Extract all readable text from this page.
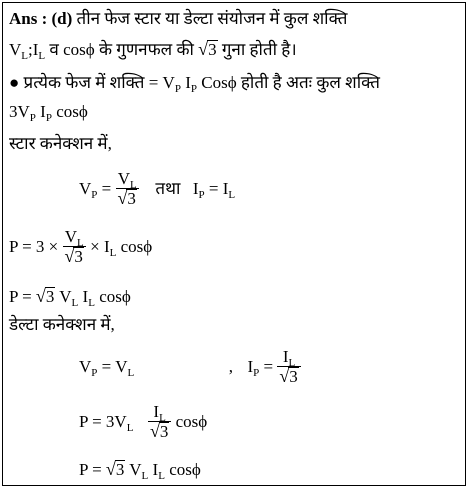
Ans : (d) तीन फेज स्टार या डेल्टा संयोजन में कुल शक्ति
$V_L;I_L$ व cosϕ के गुणनफल की √3 गुना होती है।
● प्रत्येक फेज में शक्ति = $V_P$ $I_P$ Cosϕ होती है अतः कुल शक्ति
$3V_P$ $I_P$ cosϕ
स्टार कनेक्शन में,
$V_P = \frac{V_L}{√3}$ तथा $I_P = I_L$
$P = 3 \times \frac{V_L}{√3} \times I_L$ cosϕ
P = √3 $V_L$ $I_L$ cosϕ
डेल्टा कनेक्शन में,
$V_P = V_L$	, $I_P = \frac{I_L}{√3}$
$P = 3V_L \frac{I_L}{√3}$ cosϕ
P = √3 $V_L$ $I_L$ cosϕ
